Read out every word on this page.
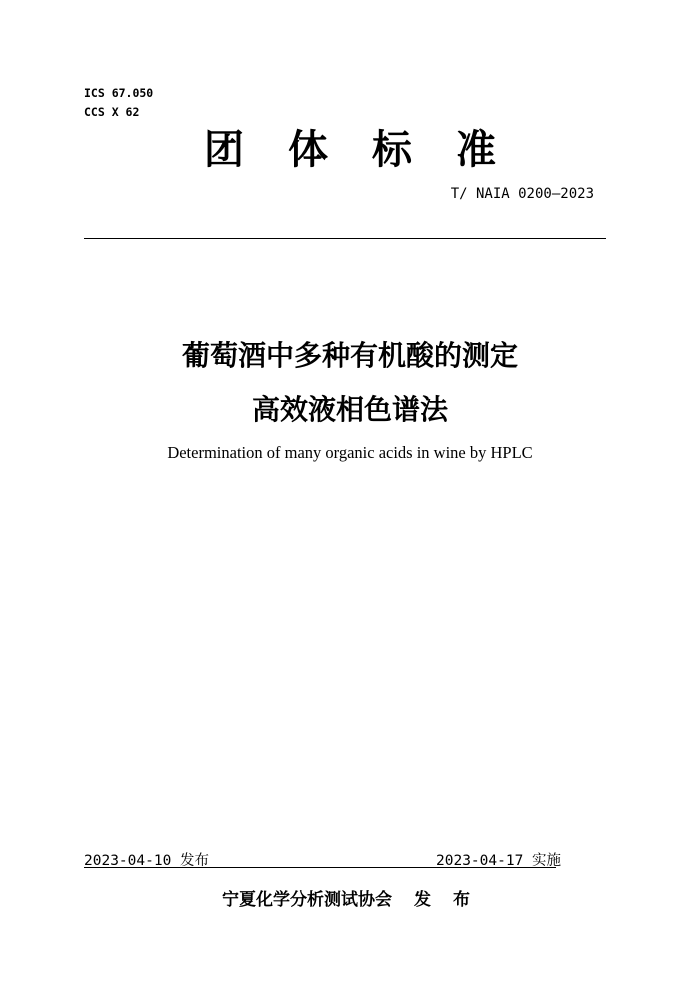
ICS 67.050
CCS X 62
团体标准
T/ NAIA 0200—2023
葡萄酒中多种有机酸的测定
高效液相色谱法
Determination of many organic acids in wine by HPLC
2023-04-10 发布	2023-04-17 实施
宁夏化学分析测试协会 发 布
